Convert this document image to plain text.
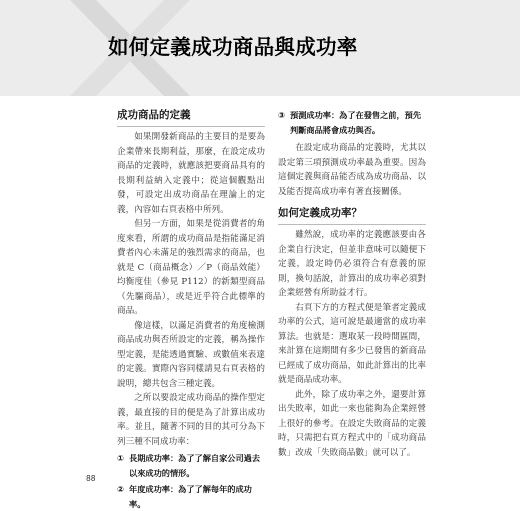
如何定義成功商品與成功率
成功商品的定義

如果開發新商品的主要目的是要為企業帶來長期利益，那麼，在設定成功商品的定義時，就應該把要商品具有的長期利益納入定義中；從這個觀點出發，可設定出成功商品在理論上的定義，內容如右頁表格中所列。

但另一方面，如果是從消費者的角度來看，所謂的成功商品是指能滿足消費者內心未滿足的強烈需求的商品，也就是 C（商品概念）／P（商品效能）均衡度佳（參見 P112）的新類型商品（先驅商品），或是近乎符合此標準的商品。

像這樣，以滿足消費者的角度檢測商品成功與否所設定的定義，稱為操作型定義，是能透過實驗、或數值來表達的定義。實際內容同樣請見右頁表格的說明，總共包含三種定義。

之所以要設定成功商品的操作型定義，最直接的目的便是為了計算出成功率。並且，隨著不同的目的其可分為下列三種不同成功率：

① 長期成功率：為了了解自家公司過去以來成功的情形。
② 年度成功率：為了了解每年的成功率。
③ 預測成功率：為了在發售之前，預先判斷商品將會成功與否。

在設定成功商品的定義時，尤其以設定第三項預測成功率最為重要。因為這個定義與商品能否成為成功商品、以及能否提高成功率有著直接關係。

如何定義成功率？

雖然說，成功率的定義應該要由各企業自行決定，但並非意味可以隨便下定義，設定時仍必須符合有意義的原則，換句話說，計算出的成功率必須對企業經營有所助益才行。

右頁下方的方程式便是筆者定義成功率的公式，這可說是最適當的成功率算法。也就是：選取某一段時間區間，來計算在這期間有多少已發售的新商品已經成了成功商品，如此計算出的比率就是商品成功率。

此外，除了成功率之外，還要計算出失敗率，如此一來也能夠為企業經營上很好的參考。在設定失敗商品的定義時，只需把右頁方程式中的「成功商品數」改成「失敗商品數」就可以了。

88
